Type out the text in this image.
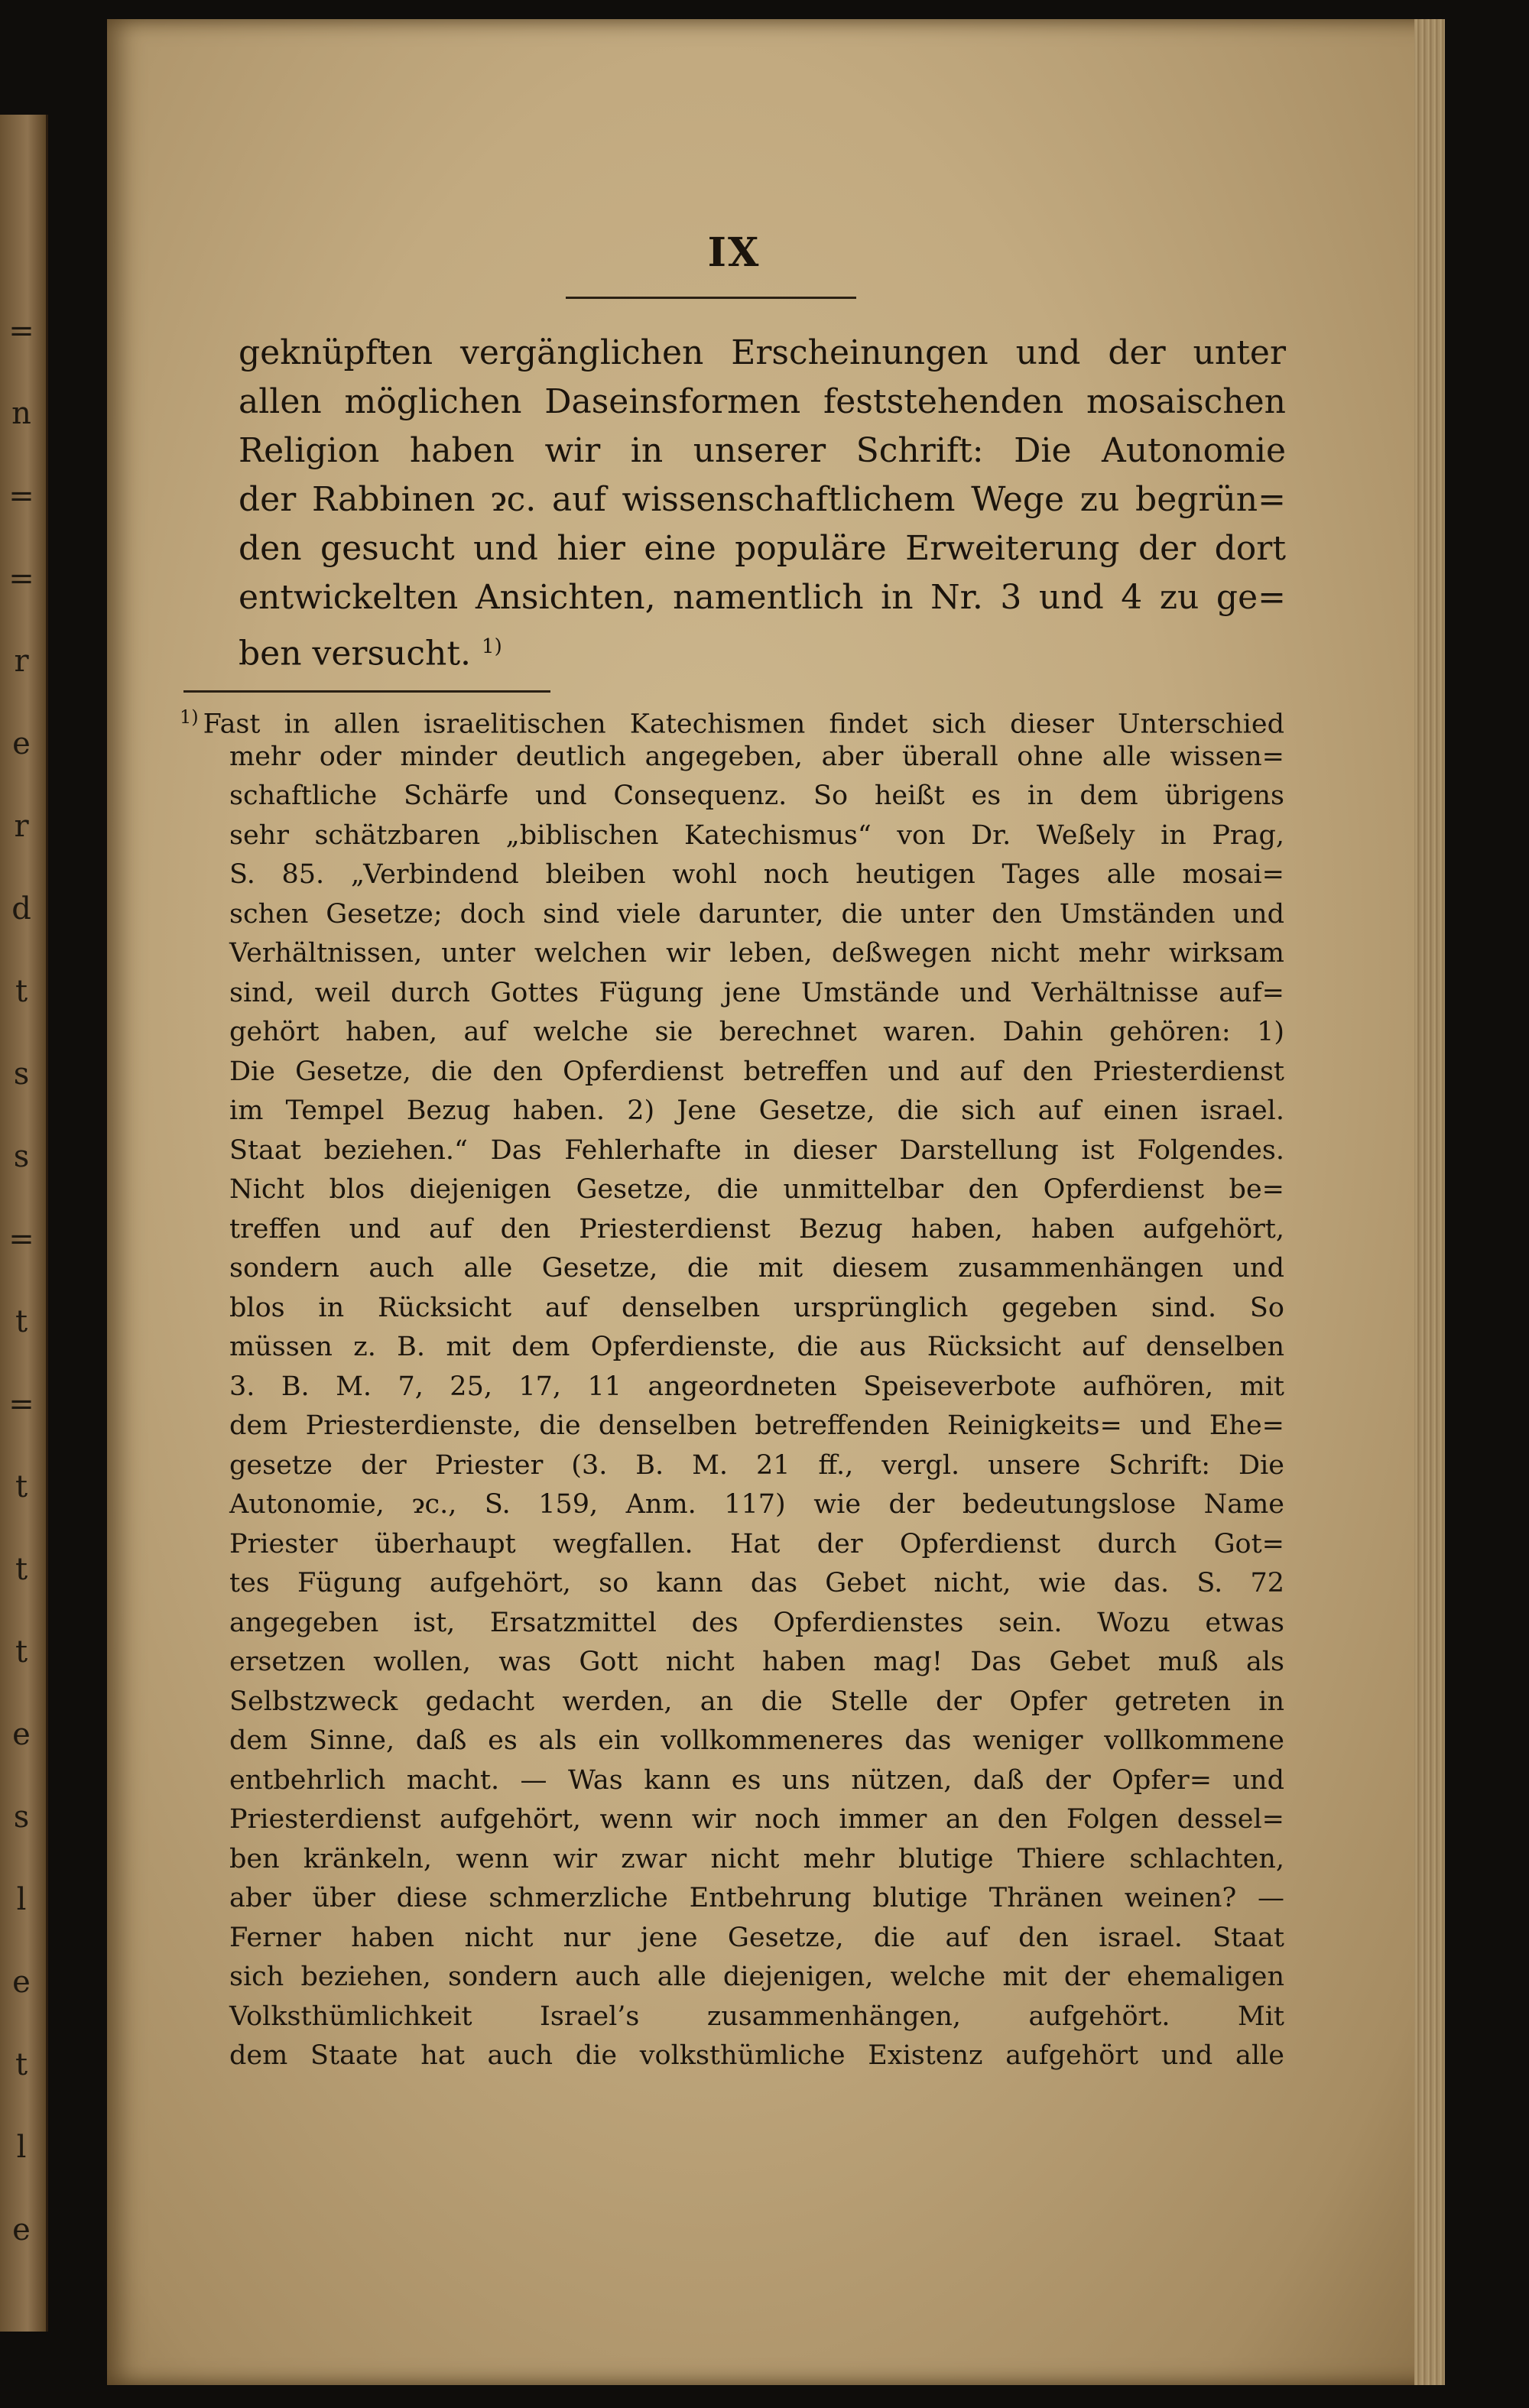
=
n
=
=
r
e
r
d
t
s
s
=
t
=
t
t
t
e
s
l
e
t
l
e
IX
geknüpften vergänglichen Erscheinungen und der unter
allen möglichen Daseinsformen feststehenden mosaischen
Religion haben wir in unserer Schrift: Die Autonomie
der Rabbinen ɂc. auf wissenschaftlichem Wege zu begrün=
den gesucht und hier eine populäre Erweiterung der dort
entwickelten Ansichten, namentlich in Nr. 3 und 4 zu ge=
ben versucht. $^{1)}$
$^{1)}$ Fast in allen israelitischen Katechismen findet sich dieser Unterschied
mehr oder minder deutlich angegeben, aber überall ohne alle wissen=
schaftliche Schärfe und Consequenz. So heißt es in dem übrigens
sehr schätzbaren „biblischen Katechismus“ von Dr. Weßely in Prag,
S. 85. „Verbindend bleiben wohl noch heutigen Tages alle mosai=
schen Gesetze; doch sind viele darunter, die unter den Umständen und
Verhältnissen, unter welchen wir leben, deßwegen nicht mehr wirksam
sind, weil durch Gottes Fügung jene Umstände und Verhältnisse auf=
gehört haben, auf welche sie berechnet waren. Dahin gehören: 1)
Die Gesetze, die den Opferdienst betreffen und auf den Priesterdienst
im Tempel Bezug haben. 2) Jene Gesetze, die sich auf einen israel.
Staat beziehen.“ Das Fehlerhafte in dieser Darstellung ist Folgendes.
Nicht blos diejenigen Gesetze, die unmittelbar den Opferdienst be=
treffen und auf den Priesterdienst Bezug haben, haben aufgehört,
sondern auch alle Gesetze, die mit diesem zusammenhängen und
blos in Rücksicht auf denselben ursprünglich gegeben sind. So
müssen z. B. mit dem Opferdienste, die aus Rücksicht auf denselben
3. B. M. 7, 25, 17, 11 angeordneten Speiseverbote aufhören, mit
dem Priesterdienste, die denselben betreffenden Reinigkeits= und Ehe=
gesetze der Priester (3. B. M. 21 ff., vergl. unsere Schrift: Die
Autonomie, ɂc., S. 159, Anm. 117) wie der bedeutungslose Name
Priester überhaupt wegfallen. Hat der Opferdienst durch Got=
tes Fügung aufgehört, so kann das Gebet nicht, wie das. S. 72
angegeben ist, Ersatzmittel des Opferdienstes sein. Wozu etwas
ersetzen wollen, was Gott nicht haben mag! Das Gebet muß als
Selbstzweck gedacht werden, an die Stelle der Opfer getreten in
dem Sinne, daß es als ein vollkommeneres das weniger vollkommene
entbehrlich macht. — Was kann es uns nützen, daß der Opfer= und
Priesterdienst aufgehört, wenn wir noch immer an den Folgen dessel=
ben kränkeln, wenn wir zwar nicht mehr blutige Thiere schlachten,
aber über diese schmerzliche Entbehrung blutige Thränen weinen? —
Ferner haben nicht nur jene Gesetze, die auf den israel. Staat
sich beziehen, sondern auch alle diejenigen, welche mit der ehemaligen
Volksthümlichkeit Israel’s zusammenhängen, aufgehört. Mit
dem Staate hat auch die volksthümliche Existenz aufgehört und alle
